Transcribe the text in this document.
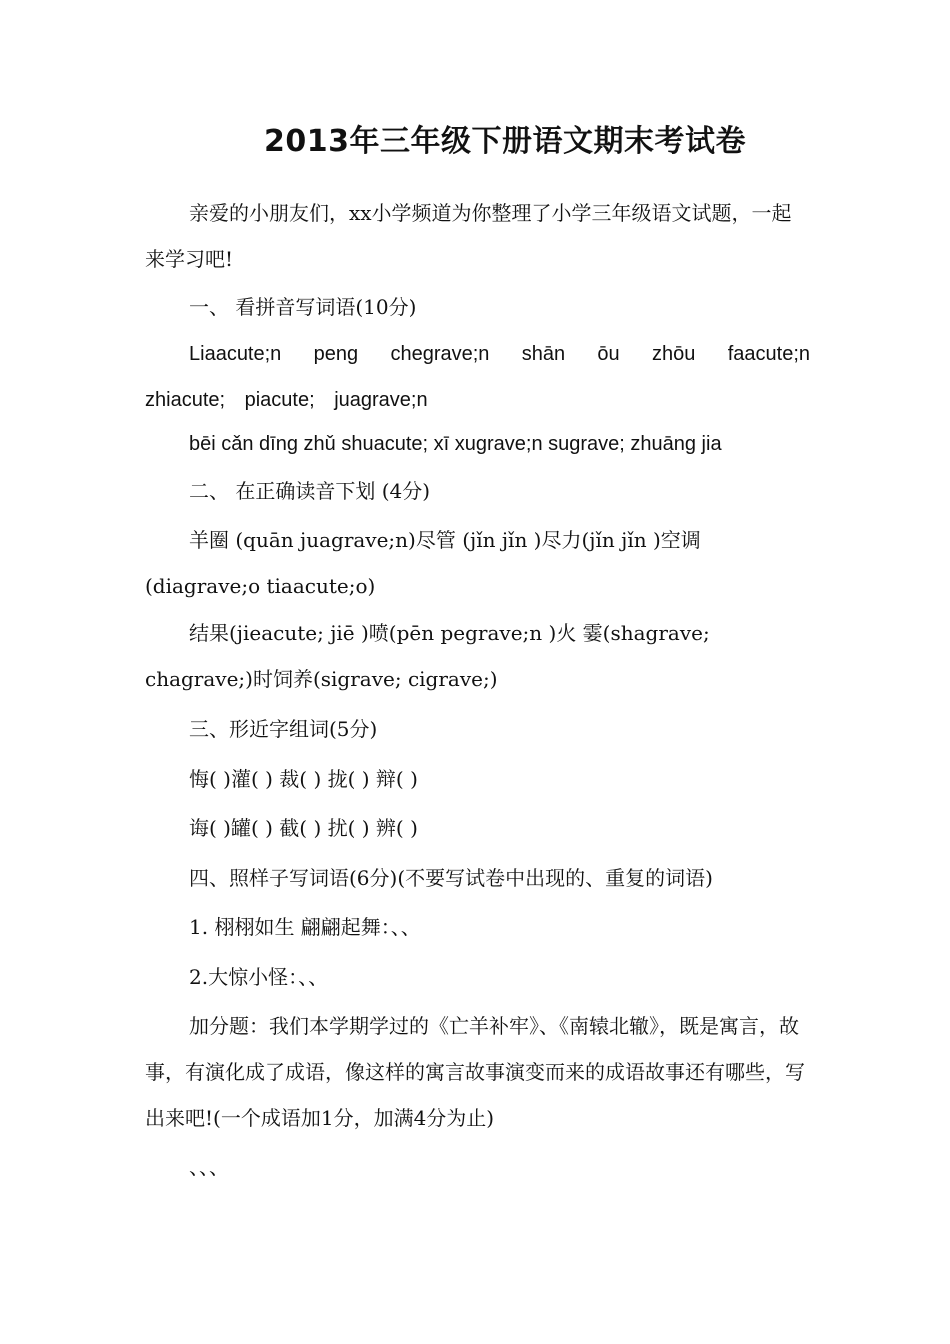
2013年三年级下册语文期末考试卷

亲爱的小朋友们，xx小学频道为你整理了小学三年级语文试题，一起来学习吧!

一、 看拼音写词语(10分)

Liaacute;n peng chegrave;n shān ōu zhōu faacute;n zhiacute; piacute; juagrave;n

bēi cǎn dīng zhǔ shuacute; xī xugrave;n sugrave; zhuāng jia

二、 在正确读音下划 (4分)

羊圈 (quān juagrave;n)尽管 (jǐn jǐn )尽力(jǐn jǐn )空调(diagrave;o tiaacute;o)

结果(jieacute; jiē )喷(pēn pegrave;n )火 霎(shagrave; chagrave;)时饲养(sigrave; cigrave;)

三、形近字组词(5分)

悔( )灌( ) 裁( ) 拢( ) 辩( )

诲( )罐( ) 截( ) 扰( ) 辨( )

四、照样子写词语(6分)(不要写试卷中出现的、重复的词语)

1. 栩栩如生 翩翩起舞：、、

2.大惊小怪：、、

加分题：我们本学期学过的《亡羊补牢》、《南辕北辙》，既是寓言，故事，有演化成了成语，像这样的寓言故事演变而来的成语故事还有哪些，写出来吧!(一个成语加1分，加满4分为止)

、、、
